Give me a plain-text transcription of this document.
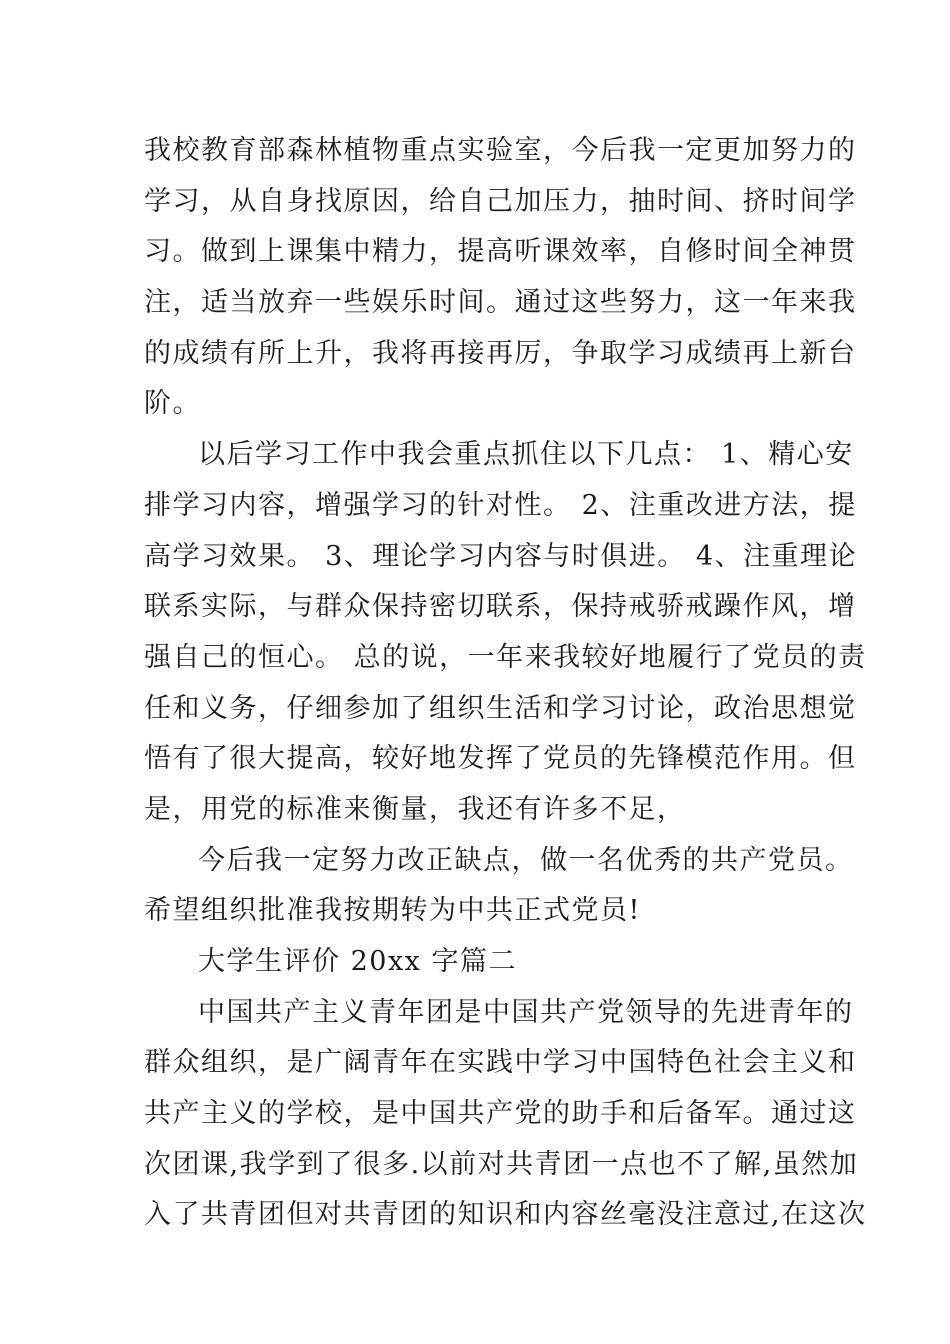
我校教育部森林植物重点实验室，今后我一定更加努力的
学习，从自身找原因，给自己加压力，抽时间、挤时间学
习。做到上课集中精力，提高听课效率，自修时间全神贯
注，适当放弃一些娱乐时间。通过这些努力，这一年来我
的成绩有所上升，我将再接再厉，争取学习成绩再上新台
阶。
以后学习工作中我会重点抓住以下几点： 1、精心安
排学习内容，增强学习的针对性。 2、注重改进方法，提
高学习效果。 3、理论学习内容与时俱进。 4、注重理论
联系实际，与群众保持密切联系，保持戒骄戒躁作风，增
强自己的恒心。 总的说，一年来我较好地履行了党员的责
任和义务，仔细参加了组织生活和学习讨论，政治思想觉
悟有了很大提高，较好地发挥了党员的先锋模范作用。但
是，用党的标准来衡量，我还有许多不足，
今后我一定努力改正缺点，做一名优秀的共产党员。
希望组织批准我按期转为中共正式党员!
大学生评价 20xx 字篇二
中国共产主义青年团是中国共产党领导的先进青年的
群众组织，是广阔青年在实践中学习中国特色社会主义和
共产主义的学校，是中国共产党的助手和后备军。通过这
次团课,我学到了很多.以前对共青团一点也不了解,虽然加
入了共青团但对共青团的知识和内容丝毫没注意过,在这次
